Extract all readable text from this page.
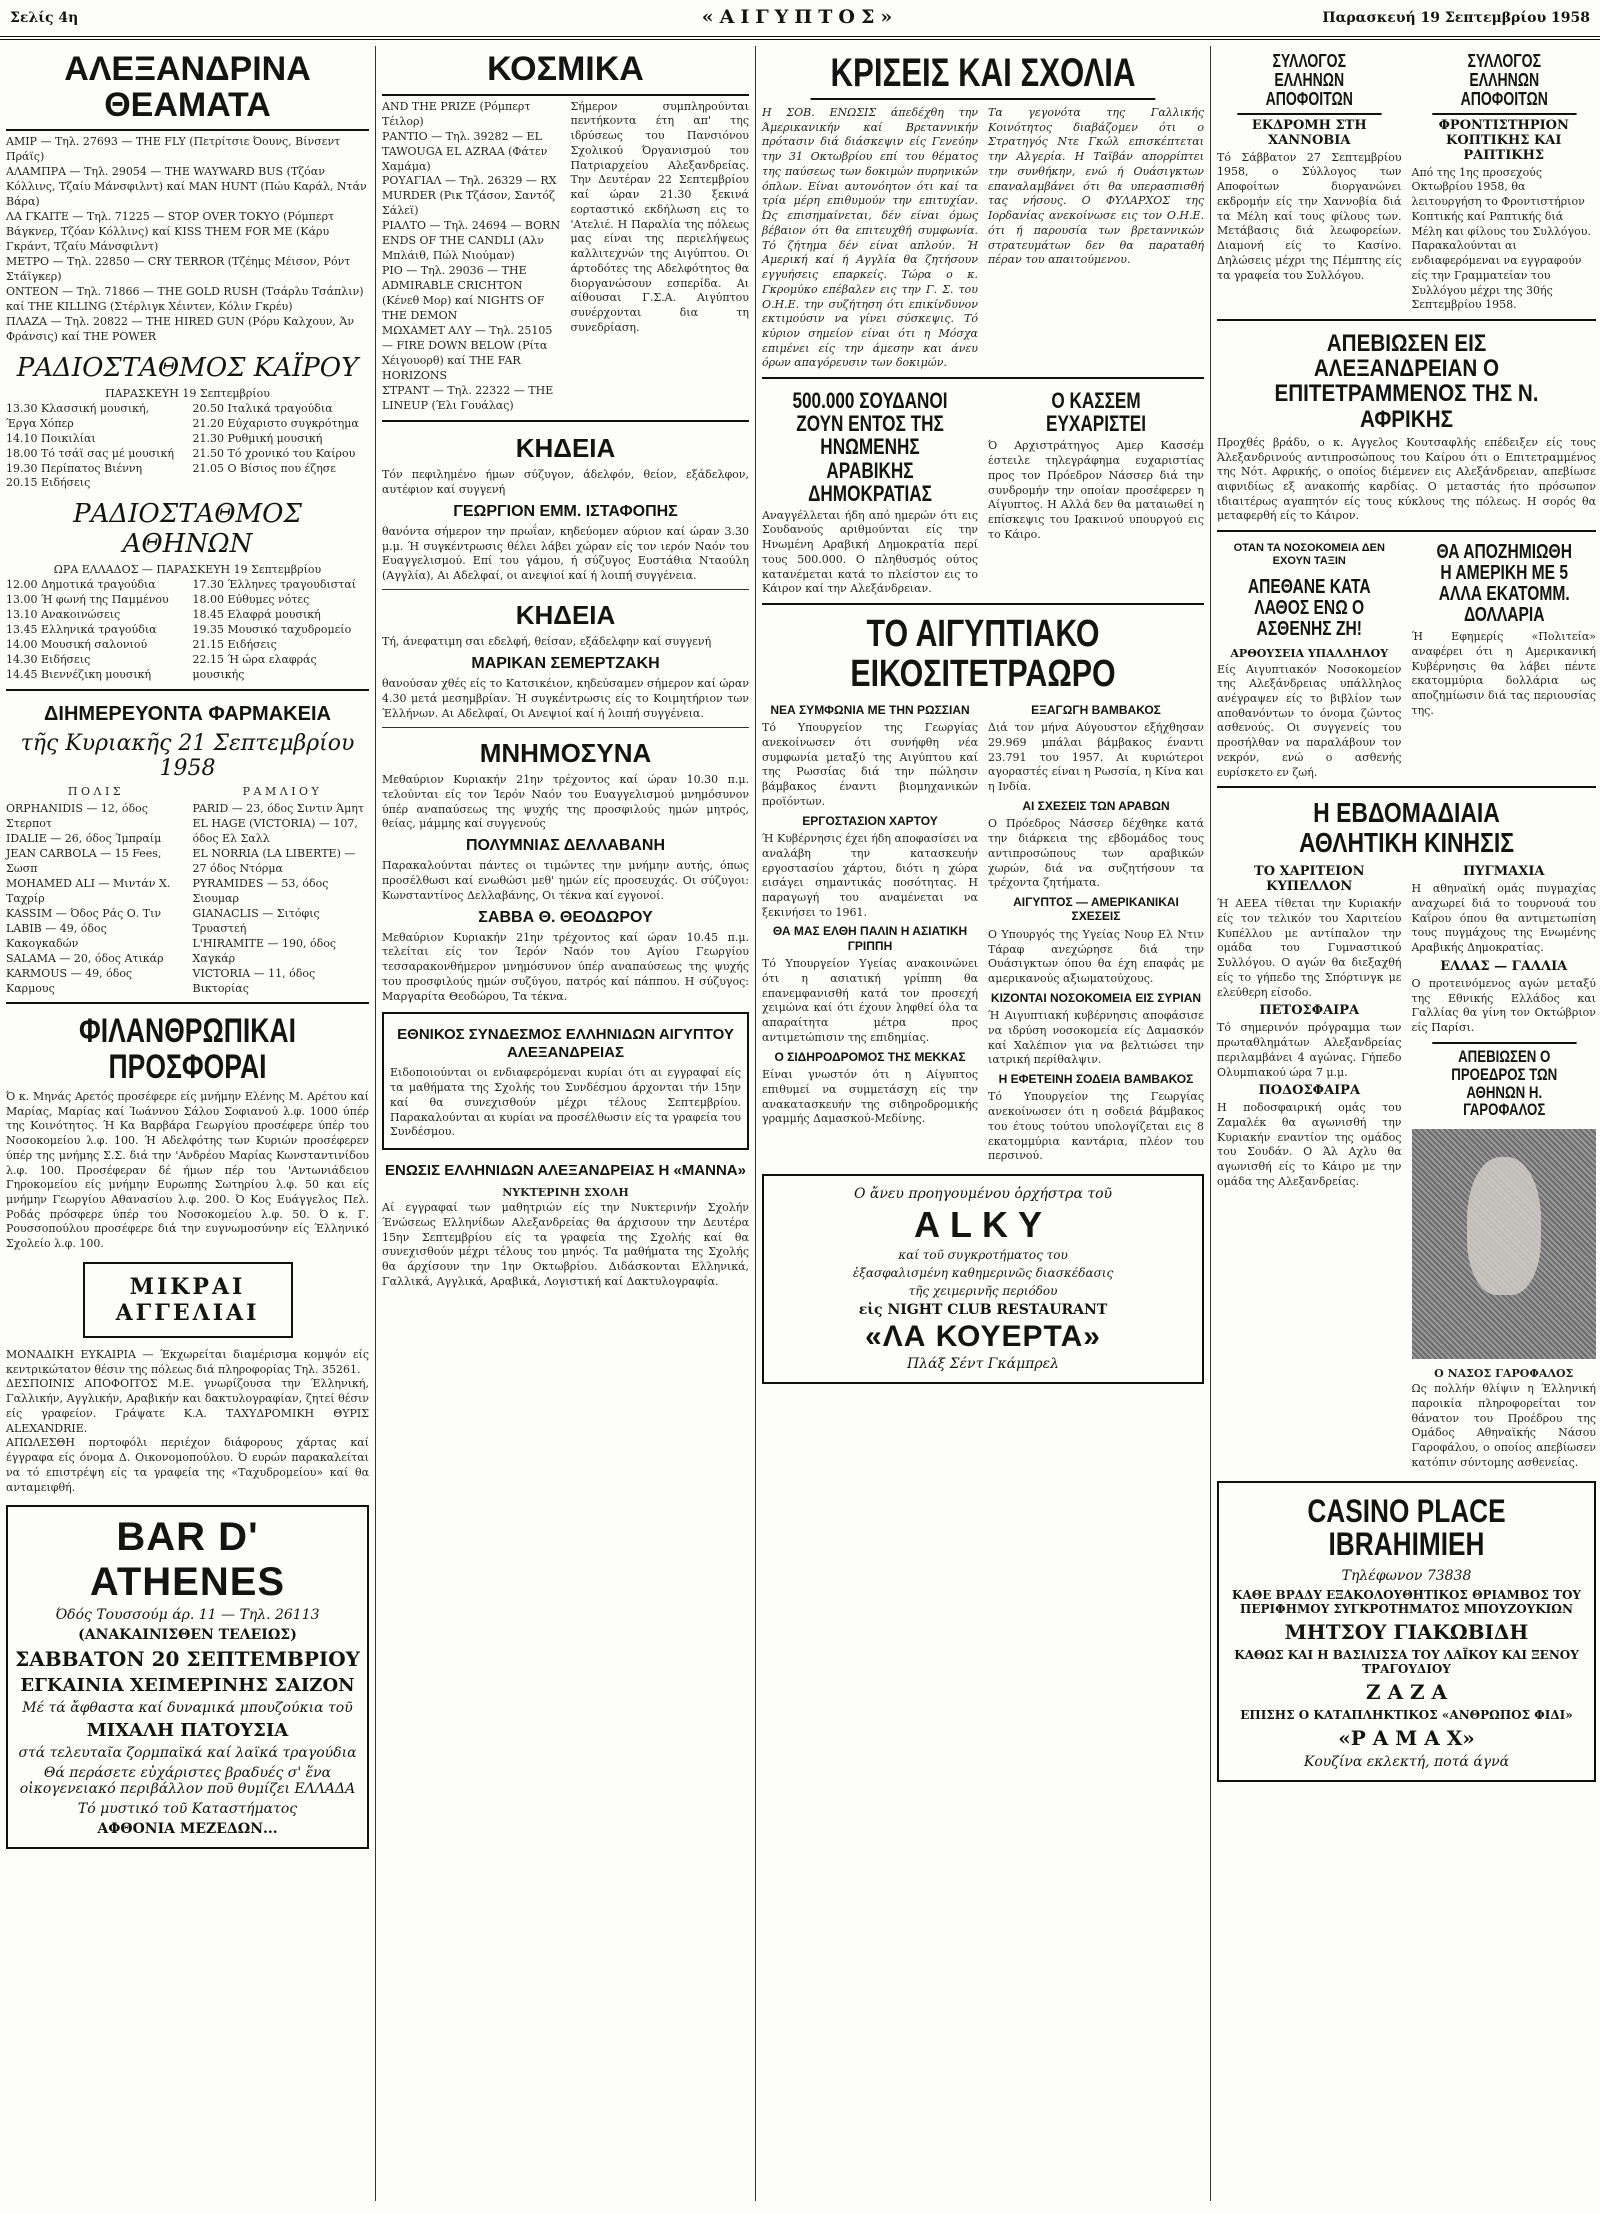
Σελίς 4η	«ΑΙΓΥΠΤΟΣ»	Παρασκευή 19 Σεπτεμβρίου 1958
ΑΛΕΞΑΝΔΡΙΝΑ ΘΕΑΜΑΤΑ
ΑΜΙΡ — Τηλ. 27693 — THE FLY (Πετρίτσιε Όουνς, Βίνσεντ Πράϊς)
ΑΛΑΜΠΡΑ — Τηλ. 29054 — THE WAYWARD BUS (Τζόαν Κόλλινς, Τζαίυ Μάνσφιλντ) καί MAN HUNT (Πώυ Καράλ, Ντάν Βάρα)
ΛΑ ΓΚΑΙΤΕ — Τηλ. 71225 — STOP OVER TOKYO (Ρόμπερτ Βάγκνερ, Τζόαν Κόλλινς) καί KISS THEM FOR ME (Κάρυ Γκράντ, Τζαίυ Μάνσφιλντ)
ΜΕΤΡΟ — Τηλ. 22850 — CRY TERROR (Τζέημς Μέισον, Ρόντ Στάϊγκερ)
ΟΝΤΕΟΝ — Τηλ. 71866 — THE GOLD RUSH (Τσάρλυ Τσάπλιν) καί THE KILLING (Στέρλιγκ Χέιντεν, Κόλιν Γκρέυ)
ΠΛΑΖΑ — Τηλ. 20822 — THE HIRED GUN (Ρόρυ Καλχουν, Άν Φράνσις) καί THE POWER
ΡΑΔΙΟΣΤΑΘΜΟΣ ΚΑΪΡΟΥ
ΠΑΡΑΣΚΕΥΗ 19 Σεπτεμβρίου
13.30 Κλασσική μουσική, Έργα Χόπερ
14.10 Ποικιλίαι
18.00 Τό τσάϊ σας μέ μουσική
19.30 Περίπατος Βιέννη
20.15 Ειδήσεις
20.50 Ιταλικά τραγούδια
21.20 Εύχαριστο συγκρότημα
21.30 Ρυθμική μουσική
21.50 Τό χρονικό του Καίρου
21.05 Ο Βίσιος που έζησε
ΡΑΔΙΟΣΤΑΘΜΟΣ ΑΘΗΝΩΝ
ΩΡΑ ΕΛΛΑΔΟΣ — ΠΑΡΑΣΚΕΥΗ 19 Σεπτεμβρίου
12.00 Δημοτικά τραγούδια
13.00 Ή φωνή της Παμμένου
13.10 Ανακοινώσεις
13.45 Ελληνικά τραγούδια
14.00 Μουσική σαλονιού
14.30 Ειδήσεις
14.45 Βιεννέζικη μουσική
17.30 Έλληνες τραγουδισταί
18.00 Εύθυμες νότες
18.45 Ελαφρά μουσική
19.35 Μουσικό ταχυδρομείο
21.15 Ειδήσεις
22.15 Ή ώρα ελαφράς μουσικής
ΔΙΗΜΕΡΕΥΟΝΤΑ ΦΑΡΜΑΚΕΙΑ
τῆς Κυριακῆς 21 Σεπτεμβρίου 1958
Π Ο Λ Ι Σ
ORPHANIDIS — 12, όδος Στερποτ
IDALIE — 26, όδος Ίμπραίμ
JEAN CARBOLA — 15 Fees, Σωσπ
MOHAMED ALI — Μιντάν Χ. Ταχρίρ
KASSIM — Όδος Ράς Ο. Τιν
LABIB — 49, όδος Κακογκαδών
SALAMA — 20, όδος Ατικάρ
KARMOUS — 49, όδος Καρμους
Ρ Α Μ Λ Ι Ο Υ
PARID — 23, όδος Σιντιν Άμητ
EL HAGE (VICTORIA) — 107, όδος Ελ Σαλλ
EL NORRIA (LA LIBERTE) — 27 όδος Ντόρμα
PYRAMIDES — 53, όδος Σιουμαρ
GIANACLIS — Σιτόφις Τρυαστεή
L'HIRAMITE — 190, όδος Χαγκάρ
VICTORIA — 11, όδος Βικτορίας
ΦΙΛΑΝΘΡΩΠΙΚΑΙ ΠΡΟΣΦΟΡΑΙ
Ό κ. Μηνάς Αρετός προσέφερε είς μνήμην Ελένης Μ. Αρέτου καί Μαρίας, Μαρίας καί Ίωάννου Σάλου Σοφιανού λ.φ. 1000 ύπέρ της Κοινότητος. Ή Κα Βαρβάρα Γεωργίου προσέφερε ύπέρ του Νοσοκομείου λ.φ. 100. Ή Αδελφότης των Κυριών προσέφερεν ύπέρ της μνήμης Σ.Σ. διά την 'Ανδρέου Μαρίας Κωνσταντινίδου λ.φ. 100. Προσέφεραν δέ ήμων πέρ του 'Αντωνιάδειου Γηροκομείου είς μνήμην Ευρωπης Σωτηρίου λ.φ. 50 και είς μνήμην Γεωργίου Αθανασίου λ.φ. 200. Ό Κος Ευάγγελος Πελ. Ροδάς πρόσφερε ύπέρ του Νοσοκομείου λ.φ. 50. Ό κ. Γ. Ρουσσοπούλου προσέφερε διά την ευγνωμοσύνην είς Έλληνικό Σχολείο λ.φ. 100.
ΜΙΚΡΑΙ ΑΓΓΕΛΙΑΙ
ΜΟΝΑΔΙΚΗ ΕΥΚΑΙΡΙΑ — Έκχωρείται διαμέρισμα κομψόν είς κεντρικώτατον θέσιν της πόλεως διά πληροφορίας Τηλ. 35261.
ΔΕΣΠΟΙΝΙΣ ΑΠΟΦΟΙΤΟΣ Μ.Ε. γνωρίζουσα την Έλληνική, Γαλλικήν, Αγγλικήν, Αραβικήν και δακτυλογραφίαν, ζητεί θέσιν είς γραφείον. Γράψατε Κ.Α. ΤΑΧΥΔΡΟΜΙΚΗ ΘΥΡΙΣ ALEXANDRIE.
ΑΠΩΛΕΣΘΗ πορτοφόλι περιέχον διάφορους χάρτας καί έγγραφα είς όνομα Δ. Οικονομοπούλου. Ό ευρών παρακαλείται να τό επιστρέψη είς τα γραφεία της «Ταχυδρομείου» καί θα ανταμειφθή.
BAR D' ATHENES
Όδός Τουσσούμ άρ. 11 — Τηλ. 26113
(ΑΝΑΚΑΙΝΙΣΘΕΝ ΤΕΛΕΙΩΣ)
ΣΑΒΒΑΤΟΝ 20 ΣΕΠΤΕΜΒΡΙΟΥ
ΕΓΚΑΙΝΙΑ ΧΕΙΜΕΡΙΝΗΣ ΣΑΙΖΟΝ
Μέ τά ἄφθαστα καί δυναμικά μπουζούκια τοῦ
ΜΙΧΑΛΗ ΠΑΤΟΥΣΙΑ
στά τελευταῖα ζορμπαϊκά καί λαϊκά τραγούδια
Θά περάσετε εὐχάριστες βραδυές σ' ἕνα οἰκογενειακό περιβάλλον ποῦ θυμίζει ΕΛΛΑΔΑ
Τό μυστικό τοῦ Καταστήματος
ΑΦΘΟΝΙΑ ΜΕΖΕΔΩΝ...
ΚΟΣΜΙΚΑ
AND THE PRIZE (Ρόμπερτ Τέιλορ)
ΡΑΝΤΙΟ — Τηλ. 39282 — EL TAWOUGA EL AZRAA (Φάτεν Χαμάμα)
ΡΟΥΑΓΙΑΛ — Τηλ. 26329 — RX MURDER (Ρικ Τζάσον, Σαντόζ Σάλεϊ)
ΡΙΑΛΤΟ — Τηλ. 24694 — BORN ENDS OF THE CANDLI (Αλν Μπλάιθ, Πώλ Νιούμαν)
ΡΙΟ — Τηλ. 29036 — THE ADMIRABLE CRICHTON (Κένεθ Μορ) καί NIGHTS OF THE DEMON
ΜΩΧΑΜΕΤ ΑΛΥ — Τηλ. 25105 — FIRE DOWN BELOW (Ρίτα Χέιγουορθ) καί THE FAR HORIZONS
ΣΤΡΑΝΤ — Τηλ. 22322 — THE LINEUP (Έλι Γουάλας)
Σήμερον συμπληρούνται πεντήκοντα έτη απ' της ιδρύσεως του Πανσιόνου Σχολικού Όργανισμού του Πατριαρχείου Αλεξανδρείας. Την Δευτέραν 22 Σεπτεμβρίου καί ώραν 21.30 ξεκινά εορταστικό εκδήλωση εις το 'Ατελιέ. Η Παραλία της πόλεως μας είναι της περιελήψεως καλλιτεχνών της Αιγύπτου. Οι άρτοδότες της Αδελφότητος θα διοργανώσουν εσπερίδα. Αι αίθουσαι Γ.Σ.Α. Αιγύπτου συνέρχονται δια τη συνεδρίαση.
ΚΗΔΕΙΑ
Τόν πεφιλημένο ήμων σύζυγον, άδελφόν, θείον, εξάδελφον, αυτέφιον καί συγγενή
ΓΕΩΡΓΙΟΝ ΕΜΜ. ΙΣΤΑΦΟΠΗΣ
θανόντα σήμερον την πρωΐαν, κηδεύομεν αύριον καί ώραν 3.30 μ.μ. Ή συγκέντρωσις θέλει λάβει χώραν είς τον ιερόν Ναόν του Ευαγγελισμού. Επί του γάμου, ή σύζυγος Ευστάθια Νταούλη (Αγγλία), Αι Αδελφαί, οι ανεψιοί καί ή λοιπή συγγένεια.
ΚΗΔΕΙΑ
Τή, άνεφατιμη σαι εδελφή, θείσαν, εξάδελφην καί συγγενή
ΜΑΡΙΚΑΝ ΣΕΜΕΡΤΖΑΚΗ
θανούσαν χθές είς το Κατσικέιον, κηδεύσαμεν σήμερον καί ώραν 4.30 μετά μεσημβρίαν. Ή συγκέντρωσις είς το Κοιμητήριον των Έλλήνων. Αι Αδελφαί, Οι Ανεψιοί καί ή λοιπή συγγένεια.
ΜΝΗΜΟΣΥΝΑ
Μεθαύριον Κυριακήν 21ην τρέχοντος καί ώραν 10.30 π.μ. τελούνται είς τον Ίερόν Ναόν του Ευαγγελισμού μνημόσυνον ύπέρ αναπαύσεως της ψυχής της προσφιλούς ημών μητρός, θείας, μάμμης καί συγγενούς
ΠΟΛΥΜΝΙΑΣ ΔΕΛΛΑΒΑΝΗ
Παρακαλούνται πάντες οι τιμώντες την μνήμην αυτής, όπως προσέλθωσι καί ενωθώσι μεθ' ημών είς προσευχάς. Οι σύζυγοι: Κωνσταντίνος Δελλαβάνης, Οι τέκνα καί εγγονοί.
ΣΑΒΒΑ Θ. ΘΕΟΔΩΡΟΥ
Μεθαύριον Κυριακήν 21ην τρέχοντος καί ώραν 10.45 π.μ. τελείται είς τον Ίερόν Ναόν του Αγίου Γεωργίου τεσσαρακονθήμερον μνημόσυνον ύπέρ αναπαύσεως της ψυχής του προσφιλούς ημών συζύγου, πατρός καί πάππου. Η σύζυγος: Μαργαρίτα Θεοδώρου, Τα τέκνα.
ΕΘΝΙΚΟΣ ΣΥΝΔΕΣΜΟΣ ΕΛΛΗΝΙΔΩΝ ΑΙΓΥΠΤΟΥ ΑΛΕΞΑΝΔΡΕΙΑΣ
Ειδοποιούνται οι ενδιαφερόμεναι κυρίαι ότι αι εγγραφαί είς τα μαθήματα της Σχολής του Συνδέσμου άρχονται τήν 15ην καί θα συνεχισθούν μέχρι τέλους Σεπτεμβρίου. Παρακαλούνται αι κυρίαι να προσέλθωσιν είς τα γραφεία του Συνδέσμου.
ΕΝΩΣΙΣ ΕΛΛΗΝΙΔΩΝ ΑΛΕΞΑΝΔΡΕΙΑΣ Η «ΜΑΝΝΑ»
ΝΥΚΤΕΡΙΝΗ ΣΧΟΛΗ
Αί εγγραφαί των μαθητριών είς την Νυκτερινήν Σχολήν Ένώσεως Ελληνίδων Αλεξανδρείας θα άρχισουν την Δευτέρα 15ην Σεπτεμβρίου είς τα γραφεία της Σχολής καί θα συνεχισθούν μέχρι τέλους του μηνός. Τα μαθήματα της Σχολής θα άρχίσουν την 1ην Οκτωβρίου. Διδάσκονται Ελληνικά, Γαλλικά, Αγγλικά, Αραβικά, Λογιστική καί Δακτυλογραφία.
ΚΡΙΣΕΙΣ ΚΑΙ ΣΧΟΛΙΑ
Η ΣΟΒ. ΕΝΩΣΙΣ άπεδέχθη την Άμερικανικήν καί Βρεταννικήν πρότασιν διά διάσκεψιν είς Γενεύην την 31 Οκτωβρίου επί του θέματος της παύσεως των δοκιμών πυρηνικών όπλων. Είναι αυτονόητον ότι καί τα τρία μέρη επιθυμούν την επιτυχίαν. Ώς επισημαίνεται, δέν είναι όμως βέβαιον ότι θα επιτευχθή συμφωνία. Τό ζήτημα δέν είναι απλούν. Ή Αμερική καί ή Αγγλία θα ζητήσουν εγγυήσεις επαρκείς. Τώρα ο κ. Γκρομύκο επέβαλεν εις την Γ. Σ. του Ο.Η.Ε. την συζήτηση ότι επικίνδυνον εκτιμούσιν να γίνει σύσκεψις. Τό κύριον σημείον είναι ότι η Μόσχα επιμένει είς την άμεσην και άνευ όρων απαγόρευσιν των δοκιμών.
Τα γεγονότα της Γαλλικής Κοινότητος διαβάζομεν ότι ο Στρατηγός Ντε Γκώλ επισκέπτεται την Αλγερία. Η Ταϊβάν απορρίπτει την συνθήκην, ενώ ή Ουάσιγκτων επαναλαμβάνει ότι θα υπερασπισθή τας νήσους. Ο ΦΥΛΑΡΧΟΣ της Ιορδανίας ανεκοίνωσε εις τον Ο.Η.Ε. ότι ή παρουσία των βρεταννικών στρατευμάτων δεν θα παραταθή πέραν του απαιτούμενου.
500.000 ΣΟΥΔΑΝΟΙ ΖΟΥΝ ΕΝΤΟΣ ΤΗΣ ΗΝΩΜΕΝΗΣ ΑΡΑΒΙΚΗΣ ΔΗΜΟΚΡΑΤΙΑΣ
Αναγγέλλεται ήδη από ημερών ότι εις Σουδανούς αριθμούνται είς την Ηνωμένη Αραβική Δημοκρατία περί τους 500.000. Ο πληθυσμός ούτος κατανέμεται κατά το πλείστον εις το Κάιρον καί την Αλεξάνδρειαν.
Ο ΚΑΣΣΕΜ ΕΥΧΑΡΙΣΤΕΙ
Ό Αρχιστράτηγος Αμερ Κασσέμ έστειλε τηλεγράφημα ευχαριστίας προς τον Πρόεδρον Νάσσερ διά την συνδρομήν την οποίαν προσέφερεν η Αίγυπτος. Η Αλλά δεν θα ματαιωθεί η επίσκεψις του Ιρακινού υπουργού εις το Κάιρο.
ΤΟ ΑΙΓΥΠΤΙΑΚΟ ΕΙΚΟΣΙΤΕΤΡΑΩΡΟ
ΝΕΑ ΣΥΜΦΩΝΙΑ ΜΕ ΤΗΝ ΡΩΣΣΙΑΝ
Τό Υπουργείον της Γεωργίας ανεκοίνωσεν ότι συνήφθη νέα συμφωνία μεταξύ της Αιγύπτου καί της Ρωσσίας διά την πώλησιν βάμβακος έναντι βιομηχανικών προϊόντων.
ΕΡΓΟΣΤΑΣΙΟΝ ΧΑΡΤΟΥ
Ή Κυβέρνησις έχει ήδη αποφασίσει να αναλάβη την κατασκευήν εργοστασίου χάρτου, διότι η χώρα εισάγει σημαντικάς ποσότητας. Η παραγωγή του αναμένεται να ξεκινήσει το 1961.
ΘΑ ΜΑΣ ΕΛΘΗ ΠΑΛΙΝ Η ΑΣΙΑΤΙΚΗ ΓΡΙΠΠΗ
Τό Υπουργείον Υγείας ανακοινώνει ότι η ασιατική γρίππη θα επανεμφανισθή κατά τον προσεχή χειμώνα καί ότι έχουν ληφθεί όλα τα απαραίτητα μέτρα προς αντιμετώπισιν της επιδημίας.
Ο ΣΙΔΗΡΟΔΡΟΜΟΣ ΤΗΣ ΜΕΚΚΑΣ
Είναι γνωστόν ότι η Αίγυπτος επιθυμεί να συμμετάσχη είς την ανακατασκευήν της σιδηροδρομικής γραμμής Δαμασκού-Μεδίνης.
ΕΞΑΓΩΓΗ ΒΑΜΒΑΚΟΣ
Διά τον μήνα Αύγουστον εξήχθησαν 29.969 μπάλαι βάμβακος έναντι 23.791 του 1957. Αι κυριώτεροι αγοραστές είναι η Ρωσσία, η Κίνα και η Ινδία.
ΑΙ ΣΧΕΣΕΙΣ ΤΩΝ ΑΡΑΒΩΝ
Ο Πρόεδρος Νάσσερ δέχθηκε κατά την διάρκεια της εβδομάδος τους αντιπροσώπους των αραβικών χωρών, διά να συζητήσουν τα τρέχοντα ζητήματα.
ΑΙΓΥΠΤΟΣ — ΑΜΕΡΙΚΑΝΙΚΑΙ ΣΧΕΣΕΙΣ
Ο Υπουργός της Υγείας Νουρ Ελ Ντιν Τάραφ ανεχώρησε διά την Ουάσιγκτων όπου θα έχη επαφάς με αμερικανούς αξιωματούχους.
ΚΙΖΟΝΤΑΙ ΝΟΣΟΚΟΜΕΙΑ ΕΙΣ ΣΥΡΙΑΝ
Ή Αιγυπτιακή κυβέρνησις αποφάσισε να ιδρύση νοσοκομεία είς Δαμασκόν καί Χαλέπιον για να βελτιώσει την ιατρική περίθαλψιν.
Η ΕΦΕΤΕΙΝΗ ΣΟΔΕΙΑ ΒΑΜΒΑΚΟΣ
Τό Υπουργείον της Γεωργίας ανεκοίνωσεν ότι η σοδειά βάμβακος του έτους τούτου υπολογίζεται εις 8 εκατομμύρια καντάρια, πλέον του περσινού.
Ο ἄνευ προηγουμένου ὀρχήστρα τοῦ
ALKY
καί τοῦ συγκροτήματος του
ἐξασφαλισμένη καθημερινῶς διασκέδασις
τῆς χειμερινῆς περιόδου
εἰς NIGHT CLUB RESTAURANT
«ΛΑ ΚΟΥΕΡΤΑ»
Πλάξ Σέντ Γκάμπρελ
ΣΥΛΛΟΓΟΣ ΕΛΛΗΝΩΝ ΑΠΟΦΟΙΤΩΝ
ΕΚΔΡΟΜΗ ΣΤΗ ΧΑΝΝΟΒΙΑ
Τό Σάββατον 27 Σεπτεμβρίου 1958, ο Σύλλογος των Αποφοίτων διοργανώνει εκδρομήν είς την Χαννοβία διά τα Μέλη καί τους φίλους των. Μετάβασις διά λεωφορείων. Διαμονή είς το Κασίνο. Δηλώσεις μέχρι της Πέμπτης είς τα γραφεία του Συλλόγου.
ΣΥΛΛΟΓΟΣ ΕΛΛΗΝΩΝ ΑΠΟΦΟΙΤΩΝ
ΦΡΟΝΤΙΣΤΗΡΙΟΝ ΚΟΠΤΙΚΗΣ ΚΑΙ ΡΑΠΤΙΚΗΣ
Από της 1ης προσεχούς Οκτωβρίου 1958, θα λειτουργήση το Φροντιστήριον Κοπτικής καί Ραπτικής διά Μέλη και φίλους του Συλλόγου. Παρακαλούνται αι ενδιαφερόμεναι να εγγραφούν είς την Γραμματείαν του Συλλόγου μέχρι της 30ής Σεπτεμβρίου 1958.
ΑΠΕΒΙΩΣΕΝ ΕΙΣ ΑΛΕΞΑΝΔΡΕΙΑΝ Ο ΕΠΙΤΕΤΡΑΜΜΕΝΟΣ ΤΗΣ Ν. ΑΦΡΙΚΗΣ
Προχθές βράδυ, ο κ. Αγγελος Κουτσαφλής επέδειξεν είς τους Άλεξανδρινούς αντιπροσώπους του Καίρου ότι ο Επιτετραμμένος της Νότ. Αφρικής, ο οποίος διέμενεν εις Αλεξάνδρειαν, απεβίωσε αιφνιδίως εξ ανακοπής καρδίας. Ο μεταστάς ήτο πρόσωπον ιδιαιτέρως αγαπητόν είς τους κύκλους της πόλεως. Η σορός θα μεταφερθή είς το Κάιρον.
ΟΤΑΝ ΤΑ ΝΟΣΟΚΟΜΕΙΑ ΔΕΝ ΕΧΟΥΝ ΤΑΞΙΝ
ΑΠΕΘΑΝΕ ΚΑΤΑ ΛΑΘΟΣ ΕΝΩ Ο ΑΣΘΕΝΗΣ ΖΗ!
ΑΡΘΟΥΣΕΙΑ ΥΠΑΛΛΗΛΟΥ
Είς Αιγυπτιακόν Νοσοκομείον της Αλεξάνδρειας υπάλληλος ανέγραψεν είς το βιβλίον των αποθανόντων το όνομα ζώντος ασθενούς. Οι συγγενείς του προσήλθαν να παραλάβουν τον νεκρόν, ενώ ο ασθενής ευρίσκετο εν ζωή.
ΘΑ ΑΠΟΖΗΜΙΩΘΗ Η ΑΜΕΡΙΚΗ ΜΕ 5 ΑΛΛΑ ΕΚΑΤΟΜΜ. ΔΟΛΛΑΡΙΑ
Ή Εφημερίς «Πολιτεία» αναφέρει ότι η Αμερικανική Κυβέρνησις θα λάβει πέντε εκατομμύρια δολλάρια ως αποζημίωσιν διά τας περιουσίας της.
Η ΕΒΔΟΜΑΔΙΑΙΑ ΑΘΛΗΤΙΚΗ ΚΙΝΗΣΙΣ
ΤΟ ΧΑΡΙΤΕΙΟΝ ΚΥΠΕΛΛΟΝ
Ή ΑΕΕΑ τίθεται την Κυριακήν είς τον τελικόν του Χαριτείου Κυπέλλου με αντίπαλον την ομάδα του Γυμναστικού Συλλόγου. Ο αγών θα διεξαχθή είς το γήπεδο της Σπόρτινγκ με ελεύθερη είσοδο.
ΠΕΤΟΣΦΑΙΡΑ
Τό σημερινόν πρόγραμμα των πρωταθλημάτων Αλεξανδρείας περιλαμβάνει 4 αγώνας. Γήπεδο Ολυμπιακού ώρα 7 μ.μ.
ΠΟΔΟΣΦΑΙΡΑ
Η ποδοσφαιρική ομάς του Ζαμαλέκ θα αγωνισθή την Κυριακήν εναντίον της ομάδος του Σουδάν. Ο Άλ Αχλυ θα αγωνισθή είς το Κάιρο με την ομάδα της Αλεξανδρείας.
ΠΥΓΜΑΧΙΑ
Η αθηναϊκή ομάς πυγμαχίας αναχωρεί διά το τουρνουά του Καΐρου όπου θα αντιμετωπίση τους πυγμάχους της Ενωμένης Αραβικής Δημοκρατίας.
ΕΛΛΑΣ — ΓΑΛΛΙΑ
Ο προτεινόμενος αγών μεταξύ της Εθνικής Ελλάδος και Γαλλίας θα γίνη τον Οκτώβριον είς Παρίσι.
ΑΠΕΒΙΩΣΕΝ Ο ΠΡΟΕΔΡΟΣ ΤΩΝ ΑΘΗΝΩΝ Η. ΓΑΡΟΦΑΛΟΣ
Ο ΝΑΣΟΣ ΓΑΡΟΦΑΛΟΣ
Ως πολλήν θλίψιν η Έλληνική παροικία πληροφορείται τον θάνατον του Προέδρου της Ομάδος Αθηναϊκής Νάσου Γαροφάλου, ο οποίος απεβίωσεν κατόπιν σύντομης ασθενείας.
CASINO PLACE IBRAHIMIEH
Τηλέφωνον 73838
ΚΑΘΕ ΒΡΑΔΥ ΕΞΑΚΟΛΟΥΘΗΤΙΚΟΣ ΘΡΙΑΜΒΟΣ ΤΟΥ ΠΕΡΙΦΗΜΟΥ ΣΥΓΚΡΟΤΗΜΑΤΟΣ ΜΠΟΥΖΟΥΚΙΩΝ
ΜΗΤΣΟΥ ΓΙΑΚΩΒΙΔΗ
ΚΑΘΩΣ ΚΑΙ Η ΒΑΣΙΛΙΣΣΑ ΤΟΥ ΛΑΪΚΟΥ ΚΑΙ ΞΕΝΟΥ ΤΡΑΓΟΥΔΙΟΥ
Ζ Α Ζ Α
ΕΠΙΣΗΣ Ο ΚΑΤΑΠΛΗΚΤΙΚΟΣ «ΑΝΘΡΩΠΟΣ ΦΙΔΙ»
«Ρ Α Μ Α Χ»
Κουζίνα εκλεκτή, ποτά άγνά
